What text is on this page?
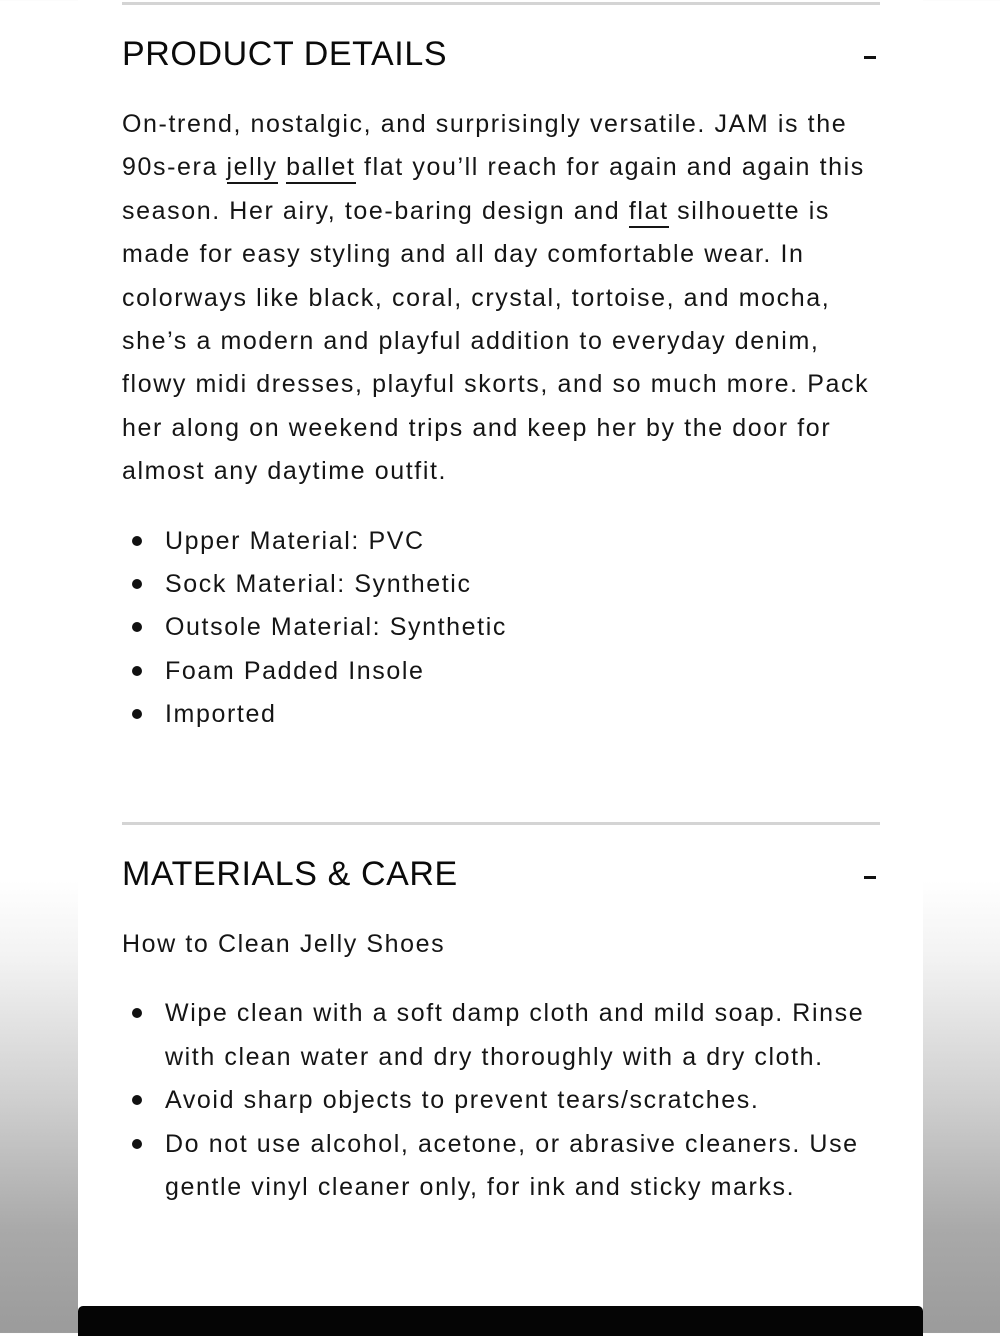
PRODUCT DETAILS

On-trend, nostalgic, and surprisingly versatile. JAM is the 90s-era jelly ballet flat you’ll reach for again and again this season. Her airy, toe-baring design and flat silhouette is made for easy styling and all day comfortable wear. In colorways like black, coral, crystal, tortoise, and mocha, she’s a modern and playful addition to everyday denim, flowy midi dresses, playful skorts, and so much more. Pack her along on weekend trips and keep her by the door for almost any daytime outfit.

Upper Material: PVC
Sock Material: Synthetic
Outsole Material: Synthetic
Foam Padded Insole
Imported
MATERIALS & CARE

How to Clean Jelly Shoes

Wipe clean with a soft damp cloth and mild soap. Rinse with clean water and dry thoroughly with a dry cloth.
Avoid sharp objects to prevent tears/scratches.
Do not use alcohol, acetone, or abrasive cleaners. Use gentle vinyl cleaner only, for ink and sticky marks.
